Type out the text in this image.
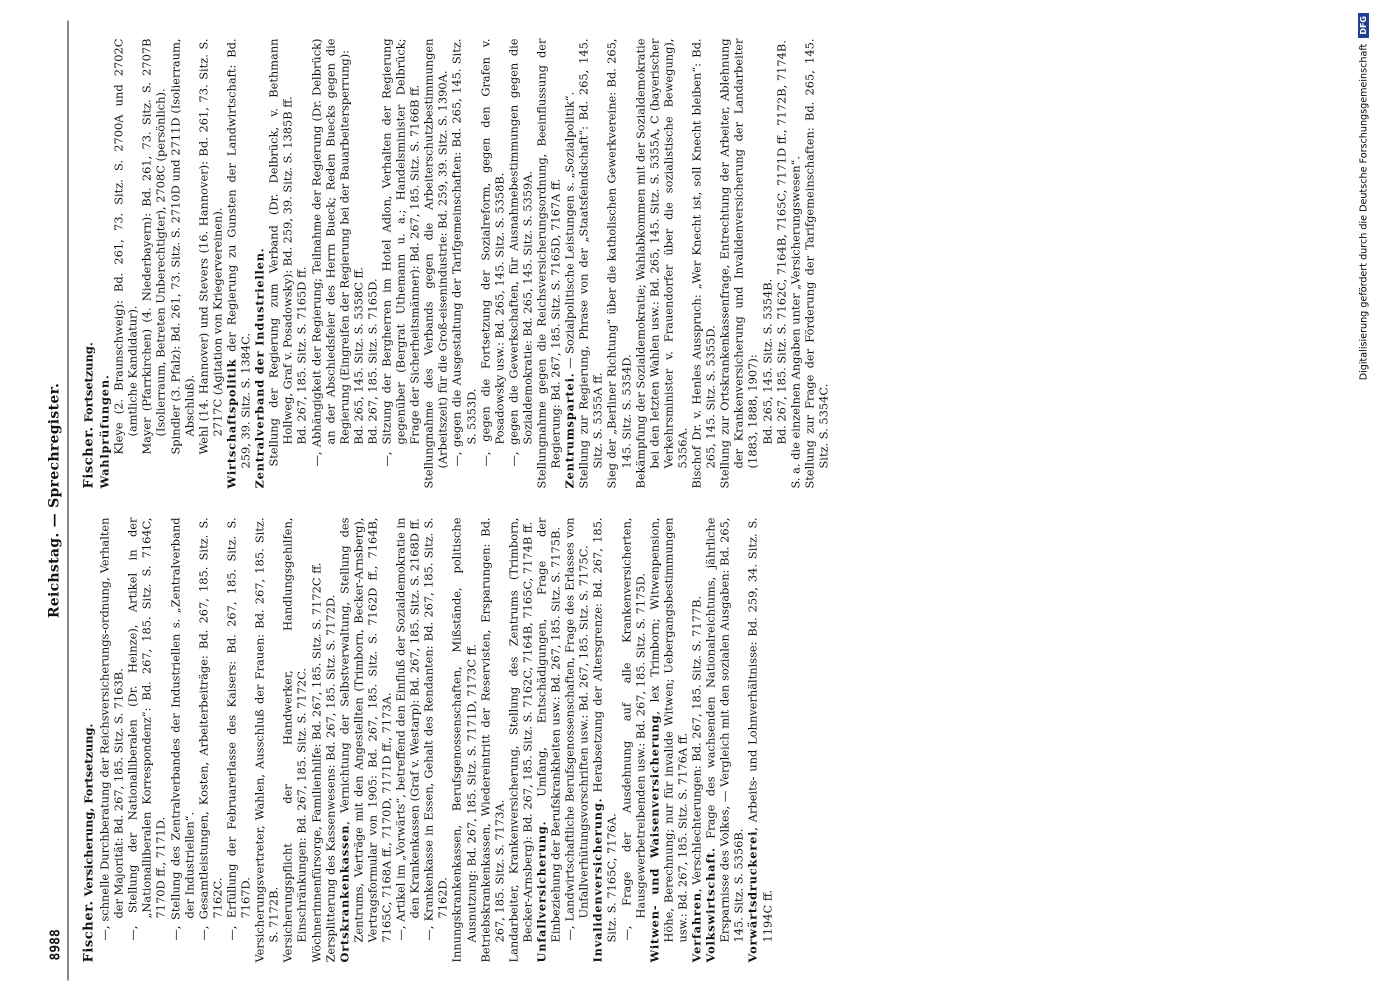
8988
Reichstag. — Sprechregister.

Fischer. Versicherung, Fortsetzung. —, schnelle Durchberatung der Reichsversicherungs-ordnung, Verhalten der Majorität: Bd. 267, 185. Sitz. S. 7163B. —, Stellung der Nationalliberalen (Dr. Heinze), Artikel in der „Nationalliberalen Korrespondenz“: Bd. 267, 185. Sitz. S. 7164C, 7170D ff., 7171D. —, Stellung des Zentralverbandes der Industriellen s. „Zentralverband der Industriellen“. —, Gesamtleistungen, Kosten, Arbeiterbeiträge: Bd. 267, 185. Sitz. S. 7162C. —, Erfüllung der Februarerlasse des Kaisers: Bd. 267, 185. Sitz. S. 7167D. Versicherungsvertreter, Wahlen, Ausschluß der Frauen: Bd. 267, 185. Sitz. S. 7172B. Versicherungspflicht der Handwerker, Handlungsgehilfen, Einschränkungen: Bd. 267, 185. Sitz. S. 7172C. Wöchnerinnenfürsorge, Familienhilfe: Bd. 267, 185. Sitz. S. 7172C ff. Zersplitterung des Kassenwesens: Bd. 267, 185. Sitz. S. 7172D. Ortskrankenkassen, Vernichtung der Selbstverwaltung, Stellung des Zentrums, Verträge mit den Angestellten (Trimborn, Becker-Arnsberg), Vertragsformular von 1905: Bd. 267, 185. Sitz. S. 7162D ff., 7164B, 7165C, 7168A ff., 7170D, 7171D ff., 7173A. —, Artikel im „Vorwärts“, betreffend den Einfluß der Sozialdemokratie in den Krankenkassen (Graf v. Westarp): Bd. 267, 185. Sitz. S. 2168D ff. —, Krankenkasse in Essen, Gehalt des Rendanten: Bd. 267, 185. Sitz. S. 7162D. Innungskrankenkassen, Berufsgenossenschaften, Mißstände, politische Ausnutzung: Bd. 267, 185. Sitz. S. 7171D, 7173C ff. Betriebskrankenkassen, Wiedereintritt der Reservisten, Ersparungen: Bd. 267, 185. Sitz. S. 7173A. Landarbeiter, Krankenversicherung, Stellung des Zentrums (Trimborn, Becker-Arnsberg): Bd. 267, 185. Sitz. S. 7162C, 7164B, 7165C, 7174B ff. Unfallversicherung. Umfang, Entschädigungen, Frage der Einbeziehung der Berufskrankheiten usw.: Bd. 267, 185. Sitz. S. 7175B. —, Landwirtschaftliche Berufsgenossenschaften, Frage des Erlasses von Unfallverhütungsvorschriften usw.: Bd. 267, 185. Sitz. S. 7175C. Invalidenversicherung. Herabsetzung der Altersgrenze: Bd. 267, 185. Sitz. S. 7165C, 7176A. —, Frage der Ausdehnung auf alle Krankenversicherten, Hausgewerbetreibenden usw.: Bd. 267, 185. Sitz. S. 7175D. Witwen- und Waisenversicherung, lex Trimborn; Witwenpension, Höhe, Berechnung; nur für invalide Witwen; Uebergangsbestimmungen usw.: Bd. 267, 185. Sitz. S. 7176A ff. Verfahren, Verschlechterungen: Bd. 267, 185. Sitz. S. 7177B.

Volkswirtschaft. Frage des wachsenden Nationalreichtums, jährliche Ersparnisse des Volkes, — Vergleich mit den sozialen Ausgaben: Bd. 265, 145. Sitz. S. 5356B. Vorwärtsdruckerei, Arbeits- und Lohnverhältnisse: Bd. 259, 34. Sitz. S. 1194C ff.

Fischer. Fortsetzung. Wahlprüfungen. Kleye (2. Braunschweig): Bd. 261, 73. Sitz. S. 2700A und 2702C (amtliche Kandidatur). Mayer (Pfarrkirchen) (4. Niederbayern): Bd. 261, 73. Sitz. S. 2707B (Isolierraum, Betreten Unberechtigter), 2708C (persönlich). Spindler (3. Pfalz): Bd. 261, 73. Sitz. S. 2710D und 2711D (Isolierraum, Abschluß). Wehl (14. Hannover) und Stevers (16. Hannover): Bd. 261, 73. Sitz. S. 2717C (Agitation von Kriegervereinen). Wirtschaftspolitik der Regierung zu Gunsten der Landwirtschaft: Bd. 259, 39. Sitz. S. 1384C. Zentralverband der Industriellen. Stellung der Regierung zum Verband (Dr. Delbrück, v. Bethmann Hollweg, Graf v. Posadowsky): Bd. 259, 39. Sitz. S. 1385B ff. Bd. 267, 185. Sitz. S. 7165D ff. —, Abhängigkeit der Regierung; Teilnahme der Regierung (Dr. Delbrück) an der Abschiedsfeier des Herrn Bueck; Reden Buecks gegen die Regierung (Eingreifen der Regierung bei der Bauarbeitersperrung): Bd. 265, 145. Sitz. S. 5358C ff. Bd. 267, 185. Sitz. S. 7165D. —, Sitzung der Bergherren im Hotel Adlon, Verhalten der Regierung gegenüber (Bergrat Uthemann u. a.; Handelsminister Delbrück; Frage der Sicherheitsmänner): Bd. 267, 185. Sitz. S. 7166B ff. Stellungnahme des Verbands gegen die Arbeiterschutzbestimmungen (Arbeitszeit) für die Groß-eisenindustrie: Bd. 259, 39. Sitz. S. 1390A. —, gegen die Ausgestaltung der Tarifgemeinschaften: Bd. 265, 145. Sitz. S. 5353D. —, gegen die Fortsetzung der Sozialreform, gegen den Grafen v. Posadowsky usw.: Bd. 265, 145. Sitz. S. 5358B. —, gegen die Gewerkschaften, für Ausnahmebestimmungen gegen die Sozialdemokratie: Bd. 265, 145. Sitz. S. 5359A. Stellungnahme gegen die Reichsversicherungsordnung, Beeinflussung der Regierung: Bd. 267, 185. Sitz. S. 7165D, 7167A ff. Zentrumspartei. — Sozialpolitische Leistungen s. „Sozialpolitik“. Stellung zur Regierung, Phrase von der „Staatsfeindschaft“: Bd. 265, 145. Sitz. S. 5355A ff. Sieg der „Berliner Richtung“ über die katholischen Gewerkvereine: Bd. 265, 145. Sitz. S. 5354D. Bekämpfung der Sozialdemokratie; Wahlabkommen mit der Sozialdemokratie bei den letzten Wahlen usw.: Bd. 265, 145. Sitz. S. 5355A, C (bayerischer Verkehrsminister v. Frauendorfer über die sozialistische Bewegung), 5356A. Bischof Dr. v. Henles Ausspruch: „Wer Knecht ist, soll Knecht bleiben“: Bd. 265, 145. Sitz. S. 5355D. Stellung zur Ortskrankenkassenfrage, Entrechtung der Arbeiter, Ablehnung der Krankenversicherung und Invalidenversicherung der Landarbeiter (1883, 1888, 1907): Bd. 265, 145. Sitz. S. 5354B. Bd. 267, 185. Sitz. S. 7162C, 7164B, 7165C, 7171D ff., 7172B, 7174B. S. a. die einzelnen Angaben unter „Versicherungswesen“. Stellung zur Frage der Förderung der Tarifgemeinschaften: Bd. 265, 145. Sitz. S. 5354C.

Digitalisierung gefördert durch die Deutsche ForschungsgemeinschaftDFG
